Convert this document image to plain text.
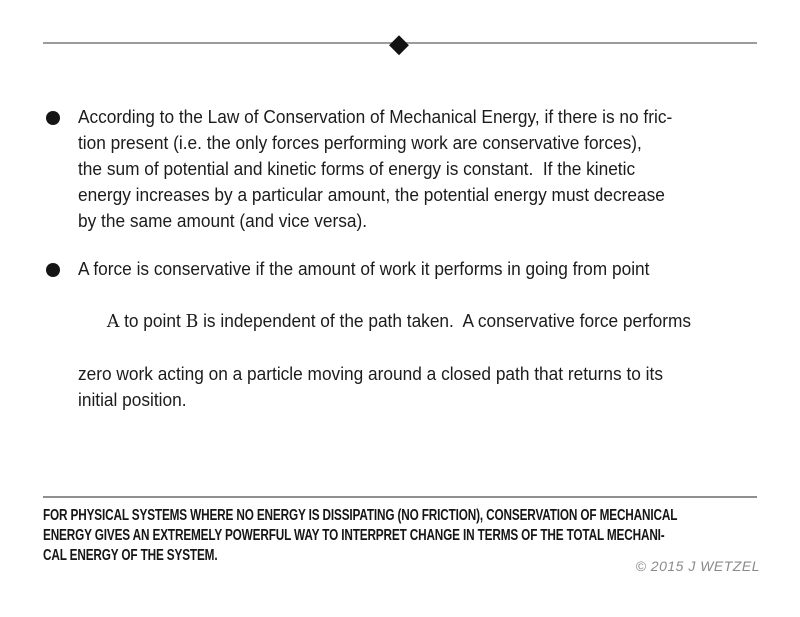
◆
According to the Law of Conservation of Mechanical Energy, if there is no fric-
tion present (i.e. the only forces performing work are conservative forces),
the sum of potential and kinetic forms of energy is constant.  If the kinetic
energy increases by a particular amount, the potential energy must decrease
by the same amount (and vice versa).
A force is conservative if the amount of work it performs in going from point

A to point B is independent of the path taken.  A conservative force performs

zero work acting on a particle moving around a closed path that returns to its
initial position.
FOR PHYSICAL SYSTEMS WHERE NO ENERGY IS DISSIPATING (NO FRICTION), CONSERVATION OF MECHANICAL
ENERGY GIVES AN EXTREMELY POWERFUL WAY TO INTERPRET CHANGE IN TERMS OF THE TOTAL MECHANI-
CAL ENERGY OF THE SYSTEM.
© 2015 J WETZEL
